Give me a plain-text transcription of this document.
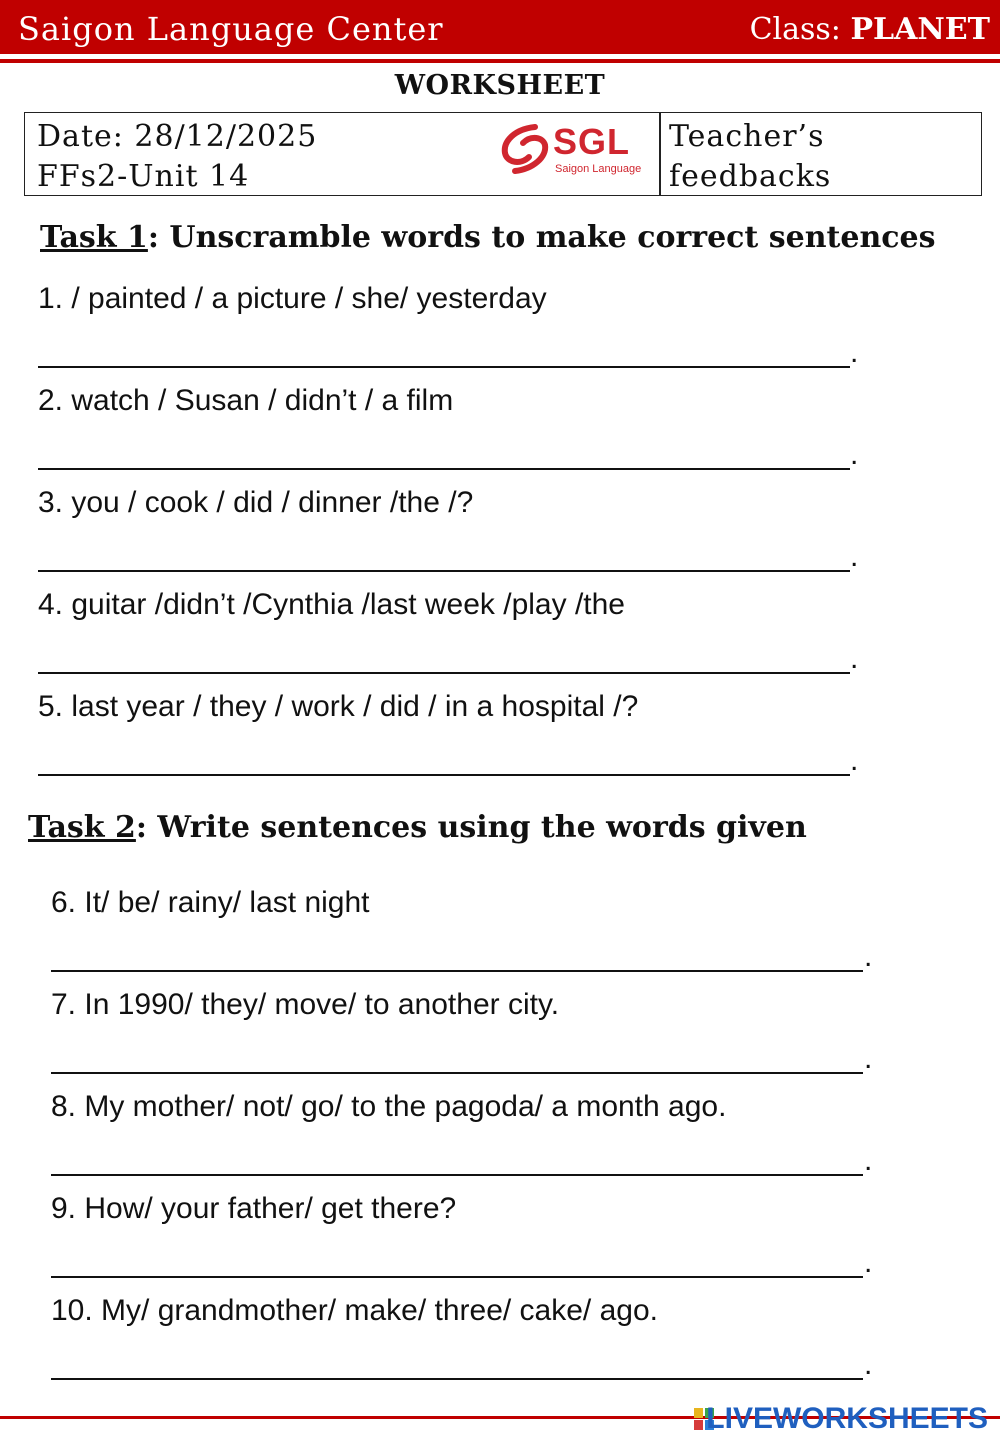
Saigon Language Center	Class: PLANET
WORKSHEET
Date: 28/12/2025
FFs2-Unit 14
SGL
Saigon Language
Teacher’s
feedbacks
Task 1: Unscramble words to make correct sentences
1. / painted / a picture / she/ yesterday
.
2. watch / Susan / didn’t / a film
.
3. you / cook / did / dinner /the /?
.
4. guitar /didn’t /Cynthia /last week /play /the
.
5. last year / they / work / did / in a hospital /?
.
Task 2: Write sentences using the words given
6. It/ be/ rainy/ last night
.
7. In 1990/ they/ move/ to another city.
.
8. My mother/ not/ go/ to the pagoda/ a month ago.
.
9. How/ your father/ get there?
.
10. My/ grandmother/ make/ three/ cake/ ago.
.
LIVEWORKSHEETS
